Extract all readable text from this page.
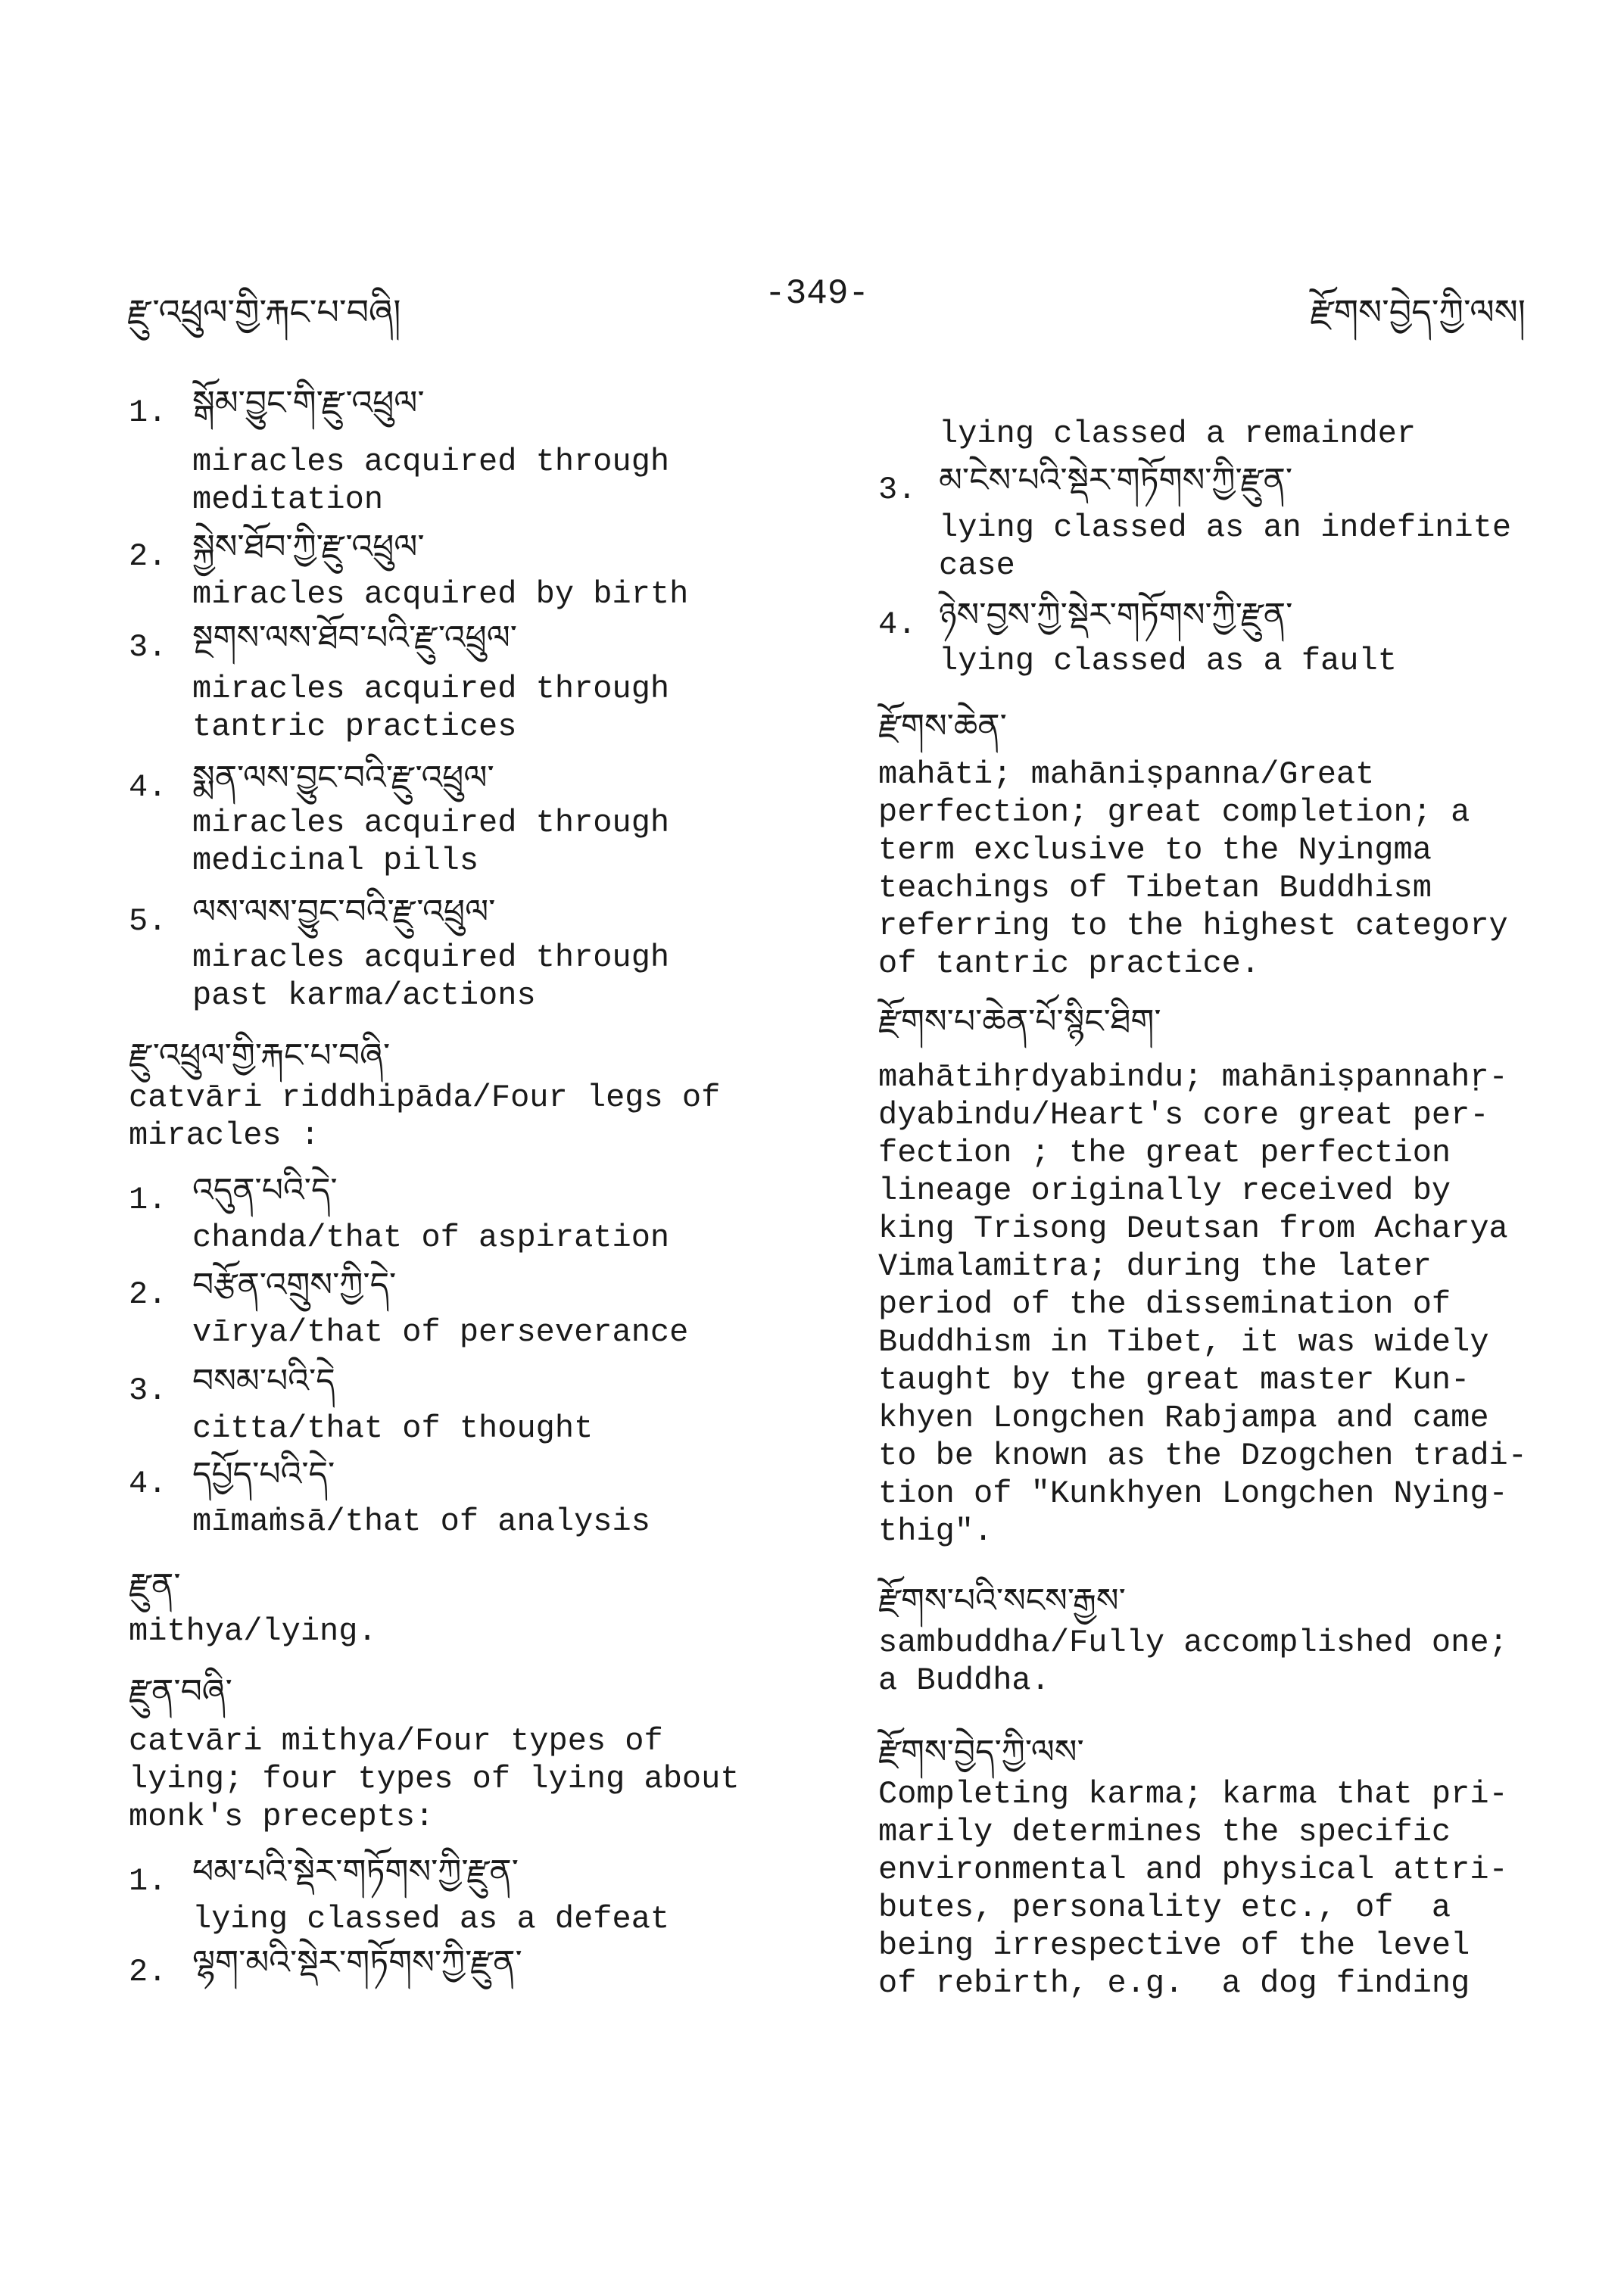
རྫུ་འཕྲུལ་གྱི་རྐང་པ་བཞི།	-349-	རྫོགས་བྱེད་ཀྱི་ལས།
1. སྒོམ་བྱུང་གི་རྫུ་འཕྲུལ་
miracles acquired through
meditation
2. སྐྱེས་ཐོབ་ཀྱི་རྫུ་འཕྲུལ་
miracles acquired by birth
3. སྔགས་ལས་ཐོབ་པའི་རྫུ་འཕྲུལ་
miracles acquired through
tantric practices
4. སྨན་ལས་བྱུང་བའི་རྫུ་འཕྲུལ་
miracles acquired through
medicinal pills
5. ལས་ལས་བྱུང་བའི་རྫུ་འཕྲུལ་
miracles acquired through
past karma/actions
རྫུ་འཕྲུལ་གྱི་རྐང་པ་བཞི་
catvāri riddhipāda/Four legs of
miracles :
1. འདུན་པའི་དེ་
chanda/that of aspiration
2. བརྩོན་འགྲུས་ཀྱི་དེ་
vīrya/that of perseverance
3. བསམ་པའི་དེ
citta/that of thought
4. དཔྱོད་པའི་དེ་
mīmaṁsā/that of analysis
རྫུན་
mithya/lying.
རྫུན་བཞི་
catvāri mithya/Four types of
lying; four types of lying about
monk's precepts:
1. ཕམ་པའི་སྡེར་གཏོགས་ཀྱི་རྫུན་
lying classed as a defeat
2. ལྷག་མའི་སྡེར་གཏོགས་ཀྱི་རྫུན་
lying classed a remainder
3. མ་ངེས་པའི་སྡེར་གཏོགས་ཀྱི་རྫུན་
lying classed as an indefinite
case
4. ཉེས་བྱས་ཀྱི་སྡེར་གཏོགས་ཀྱི་རྫུན་
lying classed as a fault
རྫོགས་ཆེན་
mahāti; mahāniṣpanna/Great
perfection; great completion; a
term exclusive to the Nyingma
teachings of Tibetan Buddhism
referring to the highest category
of tantric practice.
རྫོགས་པ་ཆེན་པོ་སྙིང་ཐིག་
mahātihṛdyabindu; mahāniṣpannahṛ-
dyabindu/Heart's core great per-
fection ; the great perfection
lineage originally received by
king Trisong Deutsan from Acharya
Vimalamitra; during the later
period of the dissemination of
Buddhism in Tibet, it was widely
taught by the great master Kun-
khyen Longchen Rabjampa and came
to be known as the Dzogchen tradi-
tion of "Kunkhyen Longchen Nying-
thig".
རྫོགས་པའི་སངས་རྒྱས་
sambuddha/Fully accomplished one;
a Buddha.
རྫོགས་བྱེད་ཀྱི་ལས་
Completing karma; karma that pri-
marily determines the specific
environmental and physical attri-
butes, personality etc., of  a
being irrespective of the level
of rebirth, e.g.  a dog finding
